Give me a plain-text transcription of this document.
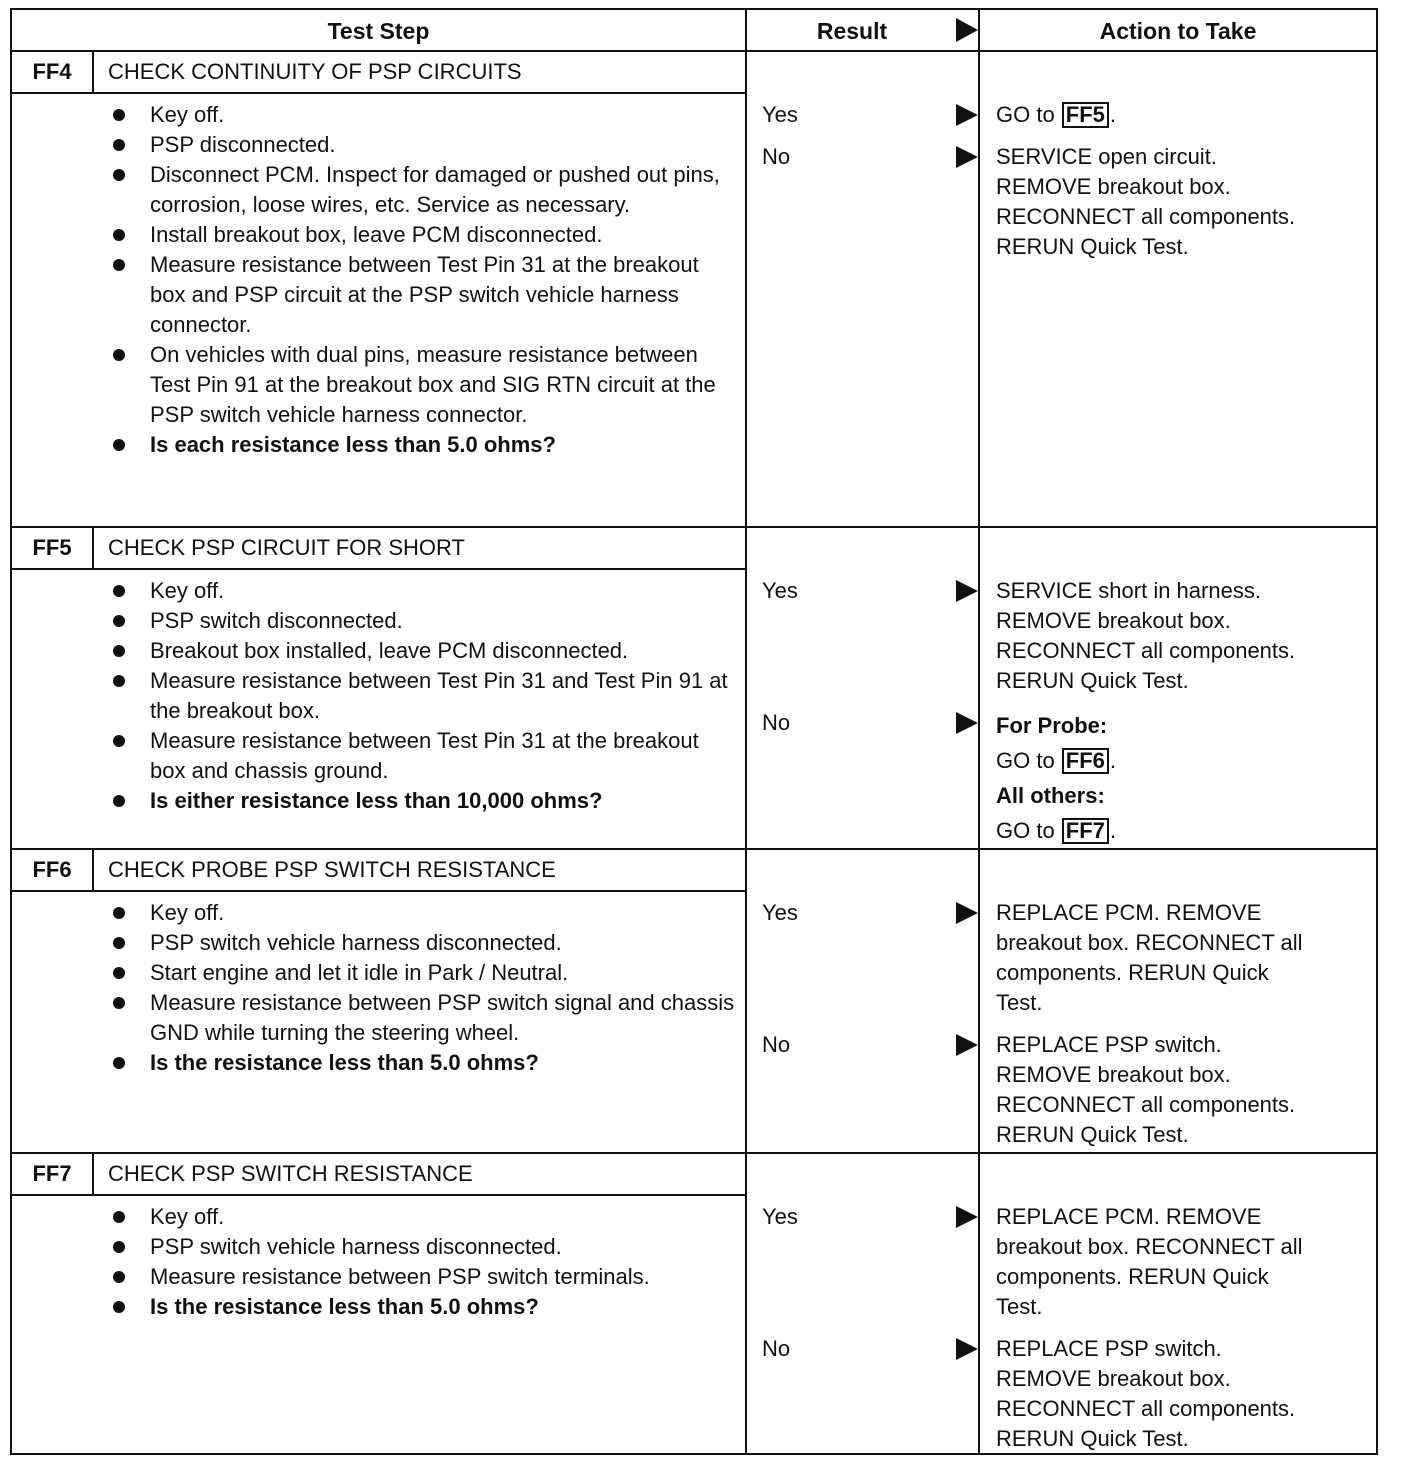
Test Step	Result	Action to Take
FF4	CHECK CONTINUITY OF PSP CIRCUITS
Key off.
PSP disconnected.
Disconnect PCM. Inspect for damaged or pushed out pins, corrosion, loose wires, etc. Service as necessary.
Install breakout box, leave PCM disconnected.
Measure resistance between Test Pin 31 at the breakout box and PSP circuit at the PSP switch vehicle harness connector.
On vehicles with dual pins, measure resistance between Test Pin 91 at the breakout box and SIG RTN circuit at the PSP switch vehicle harness connector.
Is each resistance less than 5.0 ohms?
Yes	GO to FF5 .
No	SERVICE open circuit.
REMOVE breakout box.
RECONNECT all components.
RERUN Quick Test.
FF5	CHECK PSP CIRCUIT FOR SHORT
Key off.
PSP switch disconnected.
Breakout box installed, leave PCM disconnected.
Measure resistance between Test Pin 31 and Test Pin 91 at the breakout box.
Measure resistance between Test Pin 31 at the breakout box and chassis ground.
Is either resistance less than 10,000 ohms?
Yes	SERVICE short in harness.
REMOVE breakout box.
RECONNECT all components.
RERUN Quick Test.
No	For Probe:
GO to FF6 .
All others:
GO to FF7 .
FF6	CHECK PROBE PSP SWITCH RESISTANCE
Key off.
PSP switch vehicle harness disconnected.
Start engine and let it idle in Park / Neutral.
Measure resistance between PSP switch signal and chassis GND while turning the steering wheel.
Is the resistance less than 5.0 ohms?
Yes	REPLACE PCM. REMOVE
breakout box. RECONNECT all
components. RERUN Quick
Test.
No	REPLACE PSP switch.
REMOVE breakout box.
RECONNECT all components.
RERUN Quick Test.
FF7	CHECK PSP SWITCH RESISTANCE
Key off.
PSP switch vehicle harness disconnected.
Measure resistance between PSP switch terminals.
Is the resistance less than 5.0 ohms?
Yes	REPLACE PCM. REMOVE
breakout box. RECONNECT all
components. RERUN Quick
Test.
No	REPLACE PSP switch.
REMOVE breakout box.
RECONNECT all components.
RERUN Quick Test.
